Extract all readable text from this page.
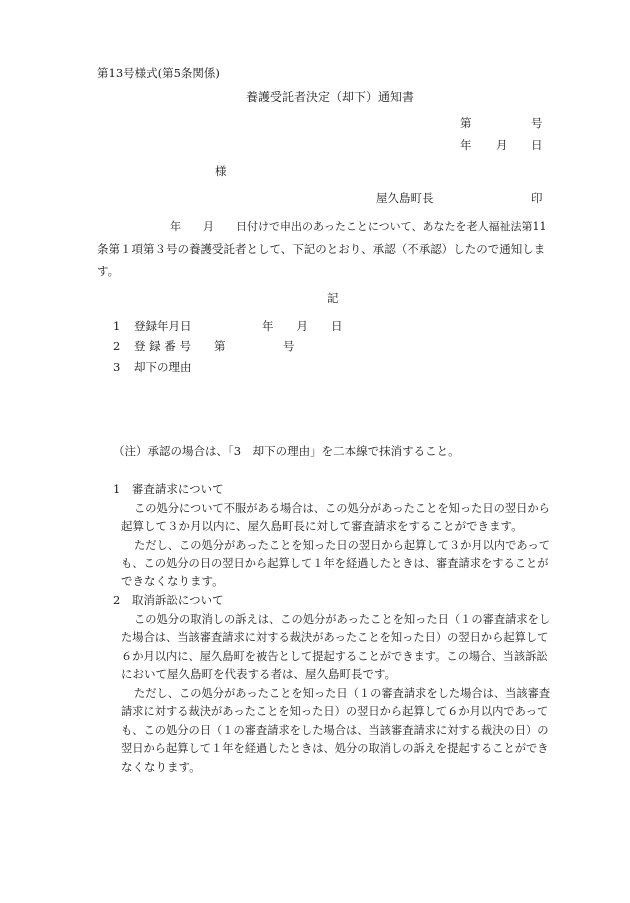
第13号様式(第5条関係)
養護受託者決定（却下）通知書
第	号
年 月 日
様
屋久島町長	印
年　　月　　日付けで申出のあったことについて、あなたを老人福祉法第11
条第１項第３号の養護受託者として、下記のとおり、承認（不承認）したので通知しま
す。
記
1 登録年月日	年　　月　　日
2 登 録 番 号 第　　　　　号
3 却下の理由
（注）承認の場合は、「3　却下の理由」を二本線で抹消すること。
1　審査請求について
この処分について不服がある場合は、この処分があったことを知った日の翌日から
起算して３か月以内に、屋久島町長に対して審査請求をすることができます。
ただし、この処分があったことを知った日の翌日から起算して３か月以内であって
も、この処分の日の翌日から起算して１年を経過したときは、審査請求をすることが
できなくなります。
2　取消訴訟について
この処分の取消しの訴えは、この処分があったことを知った日（１の審査請求をし
た場合は、当該審査請求に対する裁決があったことを知った日）の翌日から起算して
６か月以内に、屋久島町を被告として提起することができます。この場合、当該訴訟
において屋久島町を代表する者は、屋久島町長です。
ただし、この処分があったことを知った日（１の審査請求をした場合は、当該審査
請求に対する裁決があったことを知った日）の翌日から起算して６か月以内であって
も、この処分の日（１の審査請求をした場合は、当該審査請求に対する裁決の日）の
翌日から起算して１年を経過したときは、処分の取消しの訴えを提起することができ
なくなります。
